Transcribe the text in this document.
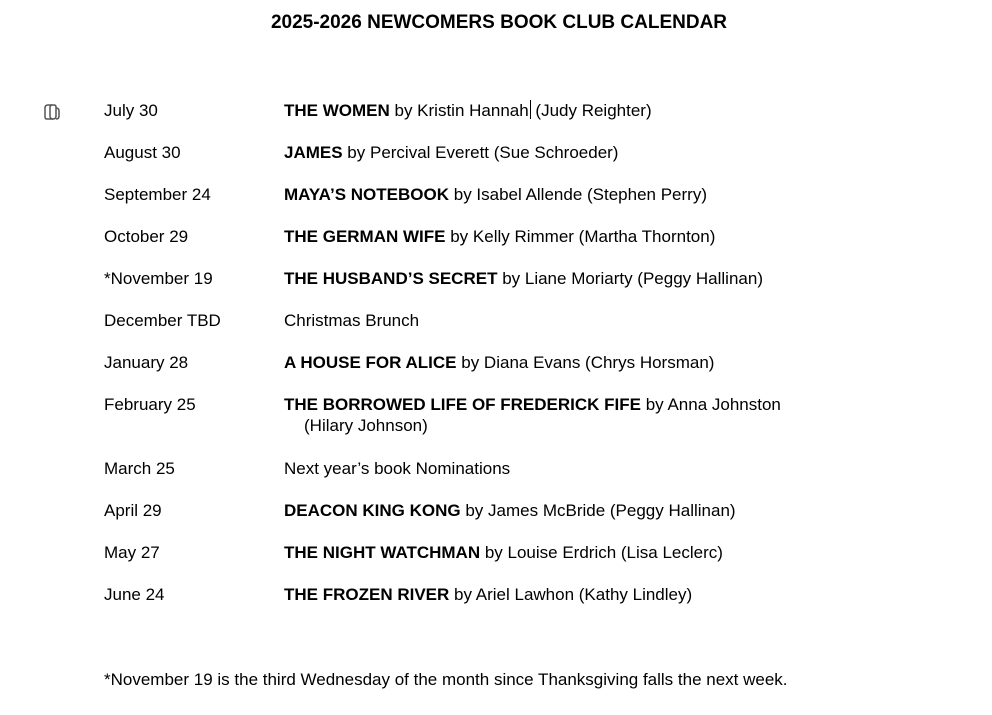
2025-2026 NEWCOMERS BOOK CLUB CALENDAR
July 30	THE WOMEN by Kristin Hannah (Judy Reighter)
August 30	JAMES by Percival Everett (Sue Schroeder)
September 24	MAYA’S NOTEBOOK by Isabel Allende (Stephen Perry)
October 29	THE GERMAN WIFE by Kelly Rimmer (Martha Thornton)
*November 19	THE HUSBAND’S SECRET by Liane Moriarty (Peggy Hallinan)
December TBD	Christmas Brunch
January 28	A HOUSE FOR ALICE by Diana Evans (Chrys Horsman)
February 25	THE BORROWED LIFE OF FREDERICK FIFE by Anna Johnston
(Hilary Johnson)
March 25	Next year’s book Nominations
April 29	DEACON KING KONG by James McBride (Peggy Hallinan)
May 27	THE NIGHT WATCHMAN by Louise Erdrich (Lisa Leclerc)
June 24	THE FROZEN RIVER by Ariel Lawhon (Kathy Lindley)
*November 19 is the third Wednesday of the month since Thanksgiving falls the next week.
